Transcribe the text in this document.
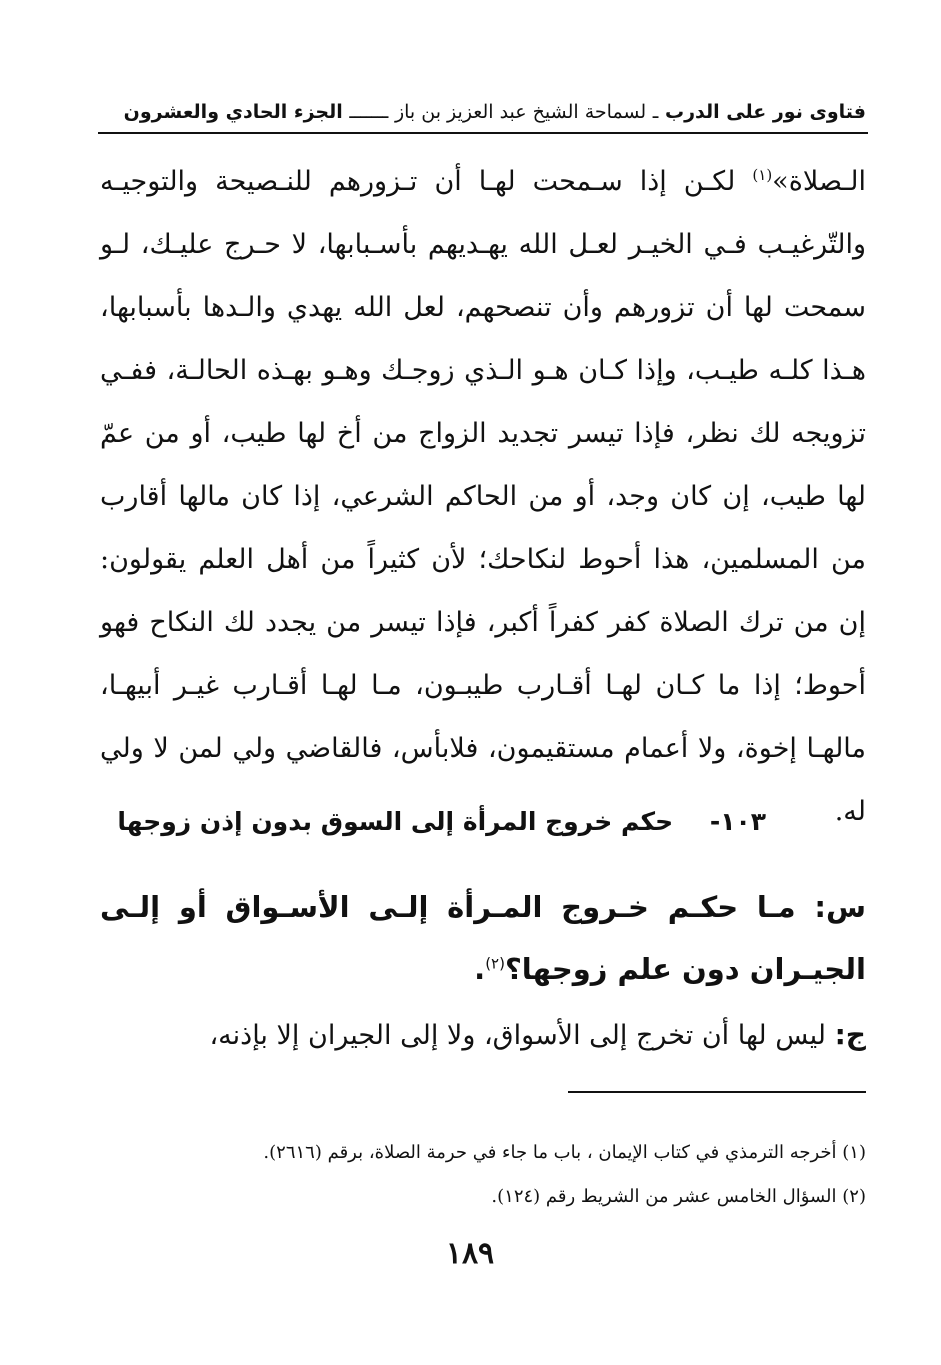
فتاوى نور على الدرب ـ لسماحة الشيخ عبد العزيز بن باز ـــــــ الجزء الحادي والعشرون

الـصلاة»$^{(١)}$ لكـن إذا سـمحت لهـا أن تـزورهم للنـصيحة والتوجيـه والتّرغيـب فـي الخيـر لعـل الله يهـديهم بأسـبابها، لا حـرج عليـك، لـو سمحت لها أن تزورهم وأن تنصحهم، لعل الله يهدي والـدها بأسبابها، هـذا كلـه طيـب، وإذا كـان هـو الـذي زوجـك وهـو بهـذه الحالـة، ففـي تزويجه لك نظر، فإذا تيسر تجديد الزواج من أخ لها طيب، أو من عمّ لها طيب، إن كان وجد، أو من الحاكم الشرعي، إذا كان مالها أقارب من المسلمين، هذا أحوط لنكاحك؛ لأن كثيراً من أهل العلم يقولون: إن من ترك الصلاة كفر كفراً أكبر، فإذا تيسر من يجدد لك النكاح فهو أحوط؛ إذا ما كـان لهـا أقـارب طيبـون، مـا لهـا أقـارب غيـر أبيهـا، مالهـا إخوة، ولا أعمام مستقيمون، فلابأس، فالقاضي ولي لمن لا ولي له.

١٠٣- حكم خروج المرأة إلى السوق بدون إذن زوجها

س: مـا حكـم خـروج المـرأة إلـى الأسـواق أو إلـى الجيـران دون علم زوجها؟$^{(٢)}$.

ج: ليس لها أن تخرج إلى الأسواق، ولا إلى الجيران إلا بإذنه،

(١) أخرجه الترمذي في كتاب الإيمان ، باب ما جاء في حرمة الصلاة، برقم (٢٦١٦).

(٢) السؤال الخامس عشر من الشريط رقم (١٢٤).

١٨٩
